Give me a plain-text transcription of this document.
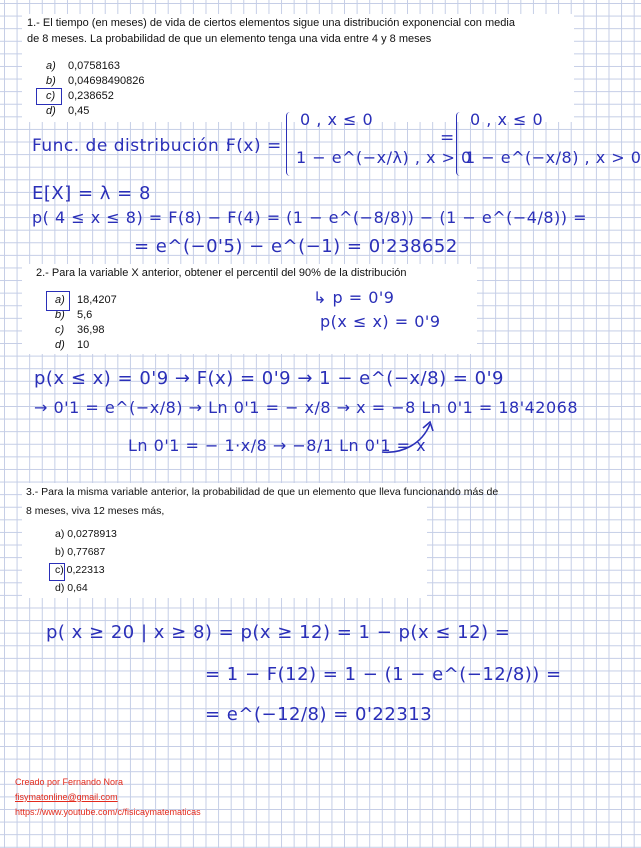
1.- El tiempo (en meses) de vida de ciertos elementos sigue una distribución exponencial con media
de 8 meses. La probabilidad de que un elemento tenga una vida entre 4 y 8 meses
a) 0,0758163
b) 0,04698490826
c) 0,238652
d) 0,45
Func. de distribución :
F(x) =
0 , x ≤ 0
1 − e^(−x/λ) , x > 0
=
0 , x ≤ 0
1 − e^(−x/8) , x > 0
E[X] = λ = 8
p( 4 ≤ x ≤ 8) = F(8) − F(4) = (1 − e^(−8/8)) − (1 − e^(−4/8)) =
= e^(−0'5) − e^(−1) = 0'238652
2.- Para la variable X anterior, obtener el percentil del 90% de la distribución
a) 18,4207
b) 5,6
c) 36,98
d) 10
↳ p = 0'9
p(x ≤ x) = 0'9
p(x ≤ x) = 0'9 → F(x) = 0'9 → 1 − e^(−x/8) = 0'9
→ 0'1 = e^(−x/8) → Ln 0'1 = − x/8 → x = −8 Ln 0'1 = 18'42068
Ln 0'1 = − 1·x/8 → −8/1 Ln 0'1 = x
3.- Para la misma variable anterior, la probabilidad de que un elemento que lleva funcionando más de
8 meses, viva 12 meses más,
a) 0,0278913
b) 0,77687
c) 0,22313
d) 0,64
p( x ≥ 20 | x ≥ 8) = p(x ≥ 12) = 1 − p(x ≤ 12) =
= 1 − F(12) = 1 − (1 − e^(−12/8)) =
= e^(−12/8) = 0'22313
Creado por Fernando Nora
fisymatonline@gmail.com
https://www.youtube.com/c/fisicaymatematicas
